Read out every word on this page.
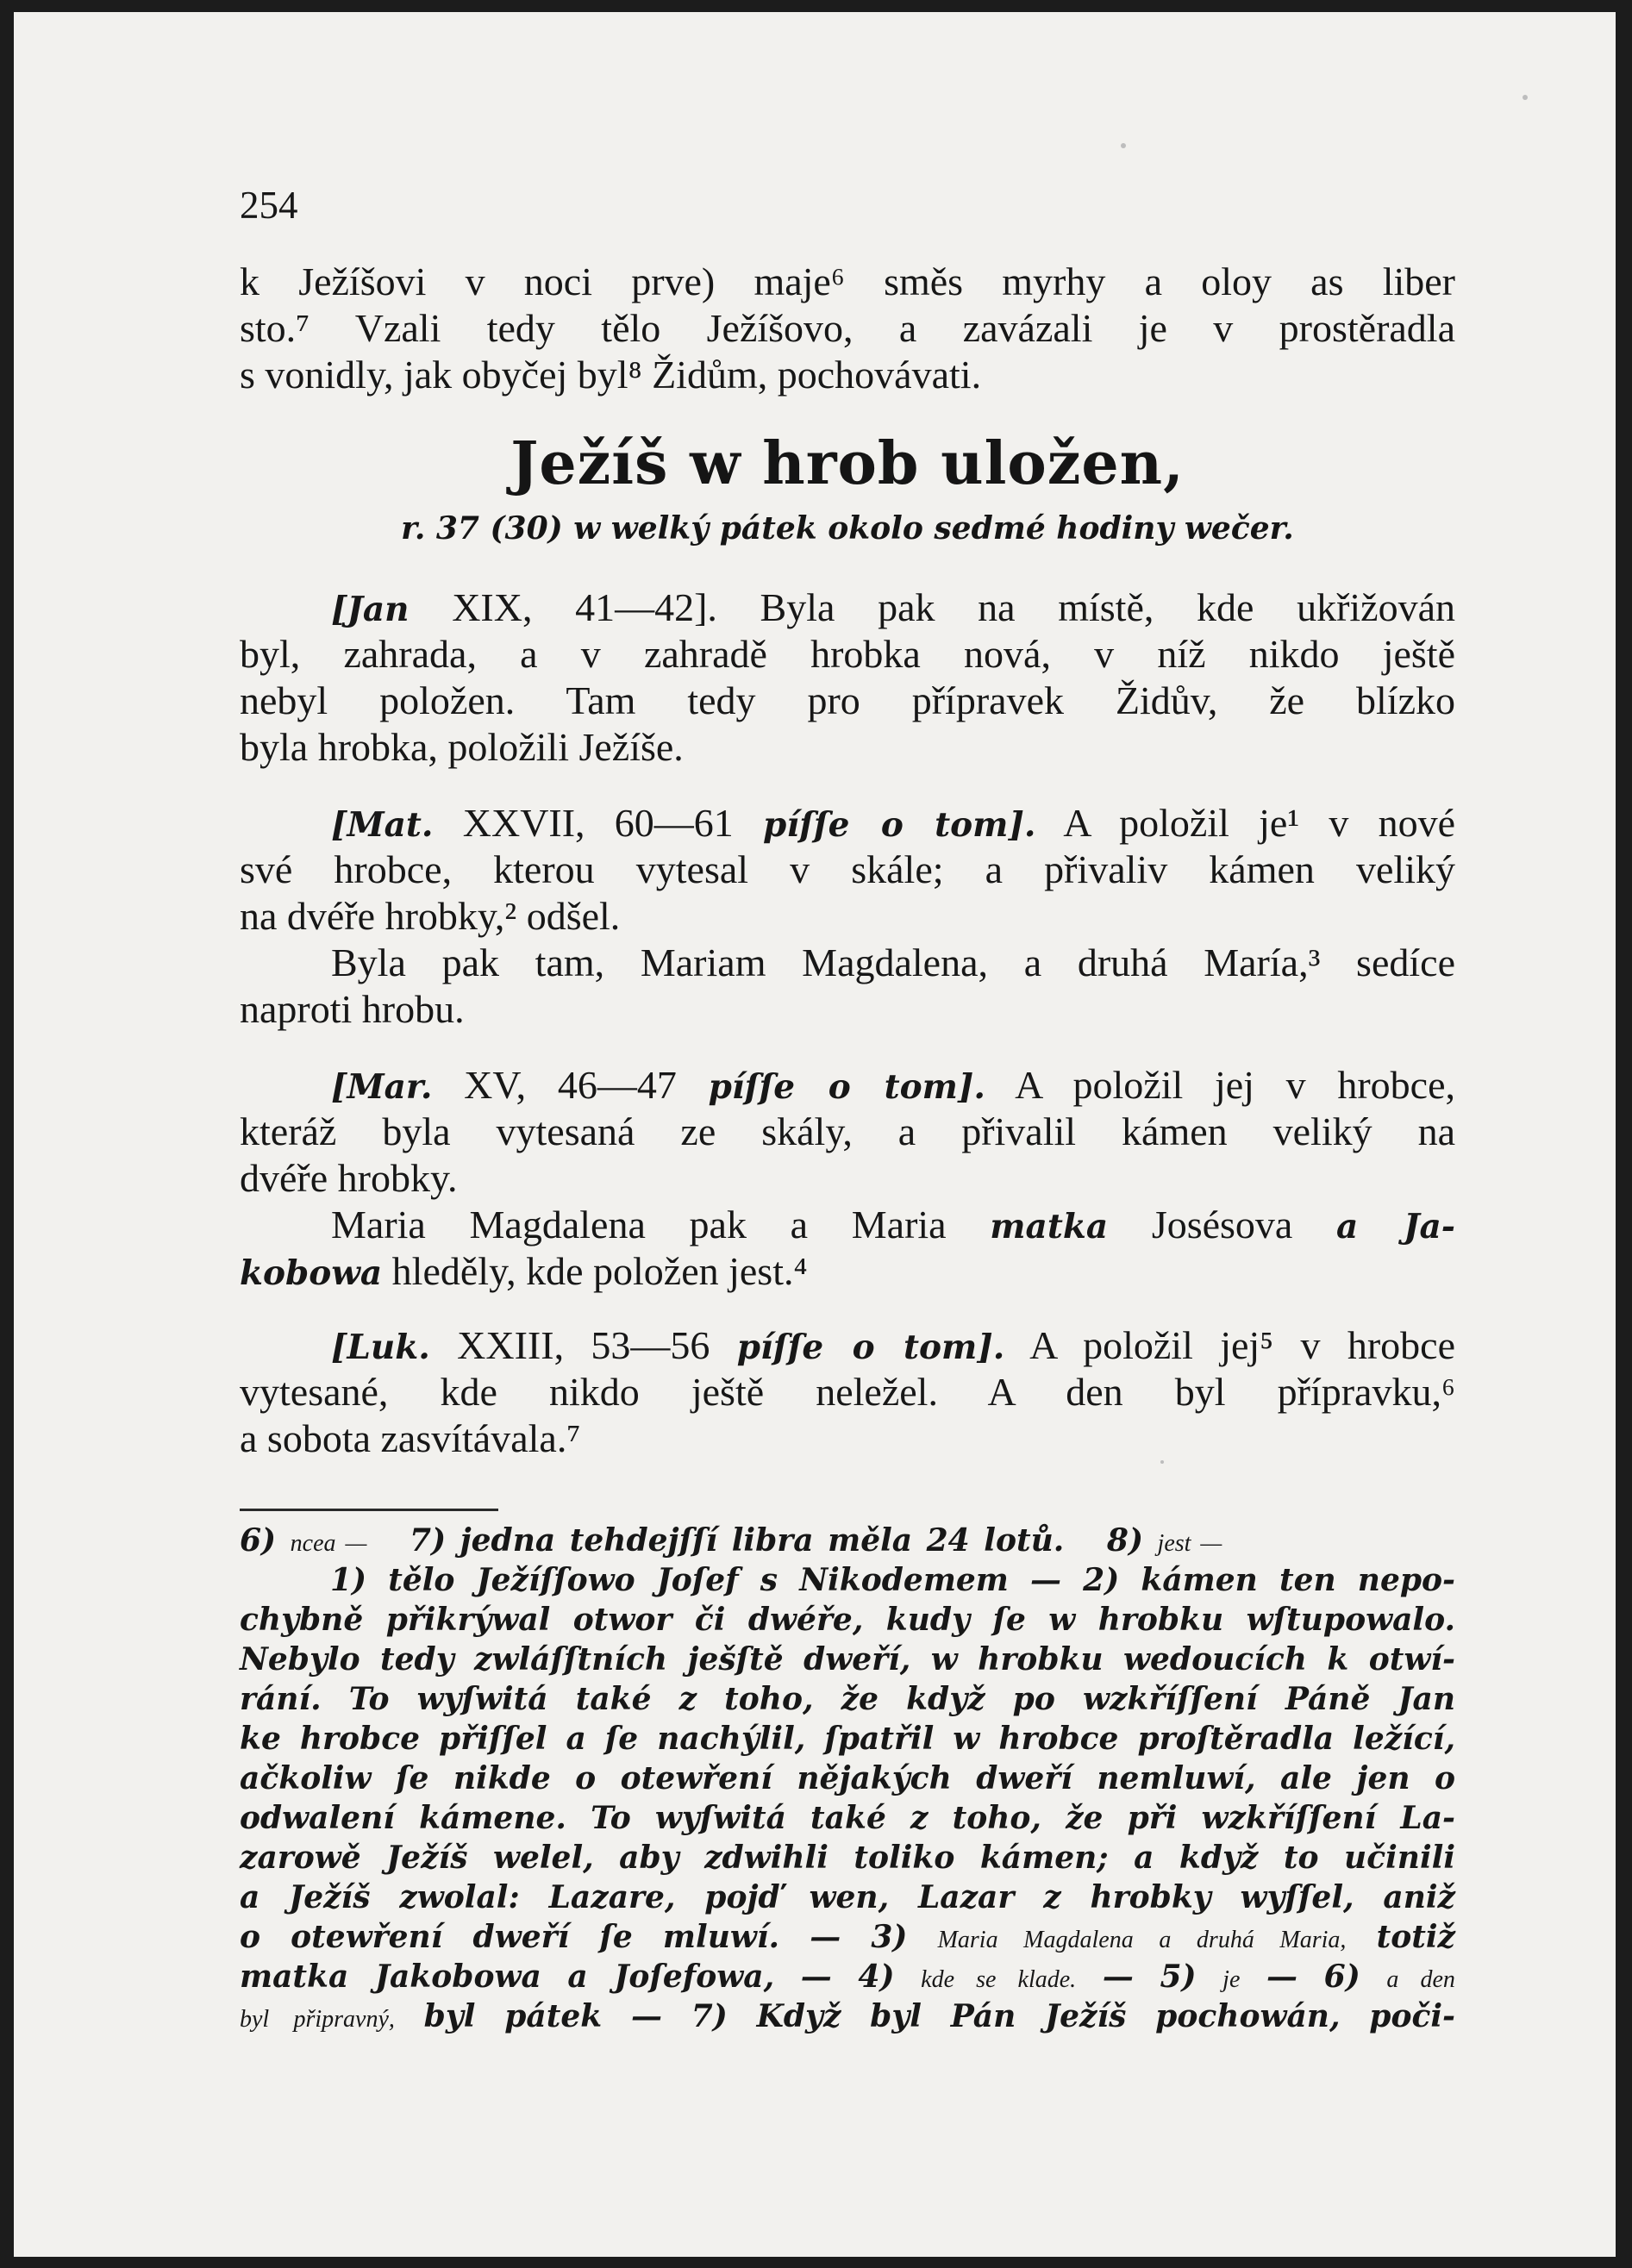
254
k Ježíšovi v noci prve) maje⁶ směs myrhy a oloy as liber
sto.⁷ Vzali tedy tělo Ježíšovo, a zavázali je v prostěradla
s vonidly, jak obyčej byl⁸ Židům, pochovávati.
Ježíš w hrob uložen,
r. 37 (30) w welký pátek okolo sedmé hodiny wečer.
[Jan XIX, 41—42]. Byla pak na místě, kde ukřižován
byl, zahrada, a v zahradě hrobka nová, v níž nikdo ještě
nebyl položen. Tam tedy pro přípravek Židův, že blízko
byla hrobka, položili Ježíše.
[Mat. XXVII, 60—61 píſſe o tom]. A položil je¹ v nové
své hrobce, kterou vytesal v skále; a přivaliv kámen veliký
na dvéře hrobky,² odšel.
Byla pak tam, Mariam Magdalena, a druhá María,³ sedíce
naproti hrobu.
[Mar. XV, 46—47 píſſe o tom]. A položil jej v hrobce,
kteráž byla vytesaná ze skály, a přivalil kámen veliký na
dvéře hrobky.
Maria Magdalena pak a Maria matka Josésova a Ja-
kobowa hleděly, kde položen jest.⁴
[Luk. XXIII, 53—56 píſſe o tom]. A položil jej⁵ v hrobce
vytesané, kde nikdo ještě neležel. A den byl přípravku,⁶
a sobota zasvítávala.⁷
6) ncea — 7) jedna tehdejſſí libra měla 24 lotů. 8) jest —
1) tělo Ježíſſowo Joſef s Nikodemem — 2) kámen ten nepo-
chybně přikrýwal otwor či dwéře, kudy ſe w hrobku wſtupowalo.
Nebylo tedy zwláſſtních ješſtě dweří, w hrobku wedoucích k otwí-
rání. To wyſwitá také z toho, že když po wzkříſſení Páně Jan
ke hrobce přiſſel a ſe nachýlil, ſpatřil w hrobce proſtěradla ležící,
ačkoliw ſe nikde o otewření nějakých dweří nemluwí, ale jen o
odwalení kámene. To wyſwitá také z toho, že při wzkříſſení La-
zarowě Ježíš welel, aby zdwihli toliko kámen; a když to učinili
a Ježíš zwolal: Lazare, pojď wen, Lazar z hrobky wyſſel, aniž
o otewření dweří ſe mluwí. — 3) Maria Magdalena a druhá Maria, totiž
matka Jakobowa a Joſefowa, — 4) kde se klade. — 5) je — 6) a den
byl připravný, byl pátek — 7) Když byl Pán Ježíš pochowán, poči-
